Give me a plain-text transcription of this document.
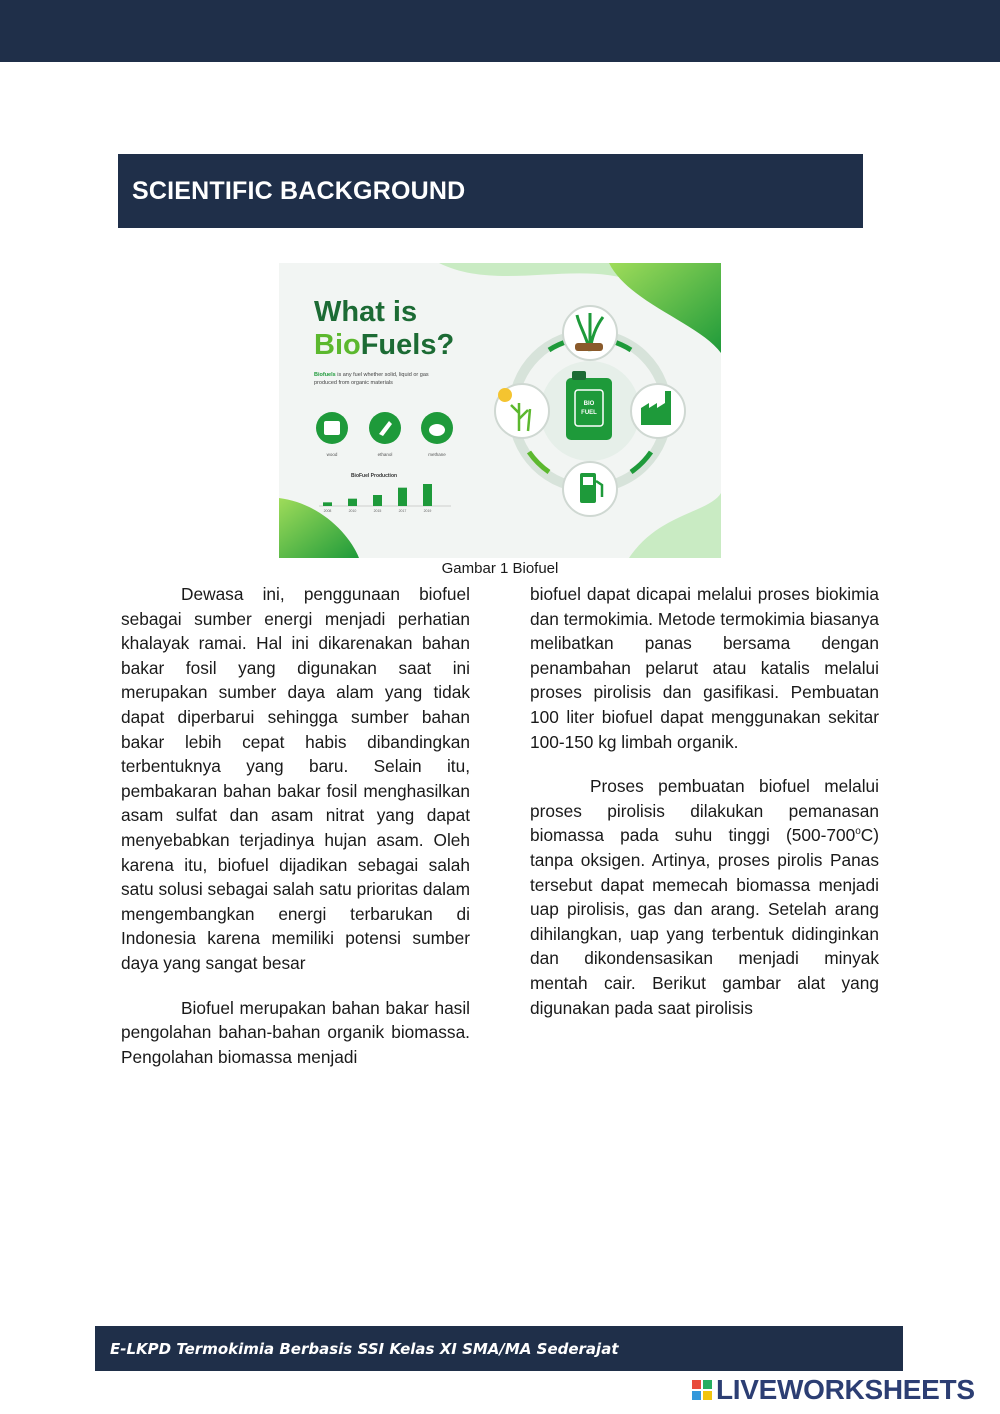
SCIENTIFIC BACKGROUND
What is
BioFuels?
Biofuels is any fuel whether solid, liquid or gas
produced from organic materials
wood	ethanol	methane
BioFuel Production
2008	2010	2015	2017	2019
BIO
FUEL
Gambar 1 Biofuel

Dewasa ini, penggunaan biofuel sebagai sumber energi menjadi perhatian khalayak ramai. Hal ini dikarenakan bahan bakar fosil yang digunakan saat ini merupakan sumber daya alam yang tidak dapat diperbarui sehingga sumber bahan bakar lebih cepat habis dibandingkan terbentuknya yang baru. Selain itu, pembakaran bahan bakar fosil menghasilkan asam sulfat dan asam nitrat yang dapat menyebabkan terjadinya hujan asam. Oleh karena itu, biofuel dijadikan sebagai salah satu solusi sebagai salah satu prioritas dalam mengembangkan energi terbarukan di Indonesia karena memiliki potensi sumber daya yang sangat besar

Biofuel merupakan bahan bakar hasil pengolahan bahan-bahan organik biomassa. Pengolahan biomassa menjadi

biofuel dapat dicapai melalui proses biokimia dan termokimia. Metode termokimia biasanya melibatkan panas bersama dengan penambahan pelarut atau katalis melalui proses pirolisis dan gasifikasi. Pembuatan 100 liter biofuel dapat menggunakan sekitar 100-150 kg limbah organik.

Proses pembuatan biofuel melalui proses pirolisis dilakukan pemanasan biomassa pada suhu tinggi (500-700$^o$C) tanpa oksigen. Artinya, proses pirolis Panas tersebut dapat memecah biomassa menjadi uap pirolisis, gas dan arang. Setelah arang dihilangkan, uap yang terbentuk didinginkan dan dikondensasikan menjadi minyak mentah cair. Berikut gambar alat yang digunakan pada saat pirolisis

E-LKPD Termokimia Berbasis SSI Kelas XI SMA/MA Sederajat
LIVEWORKSHEETS
